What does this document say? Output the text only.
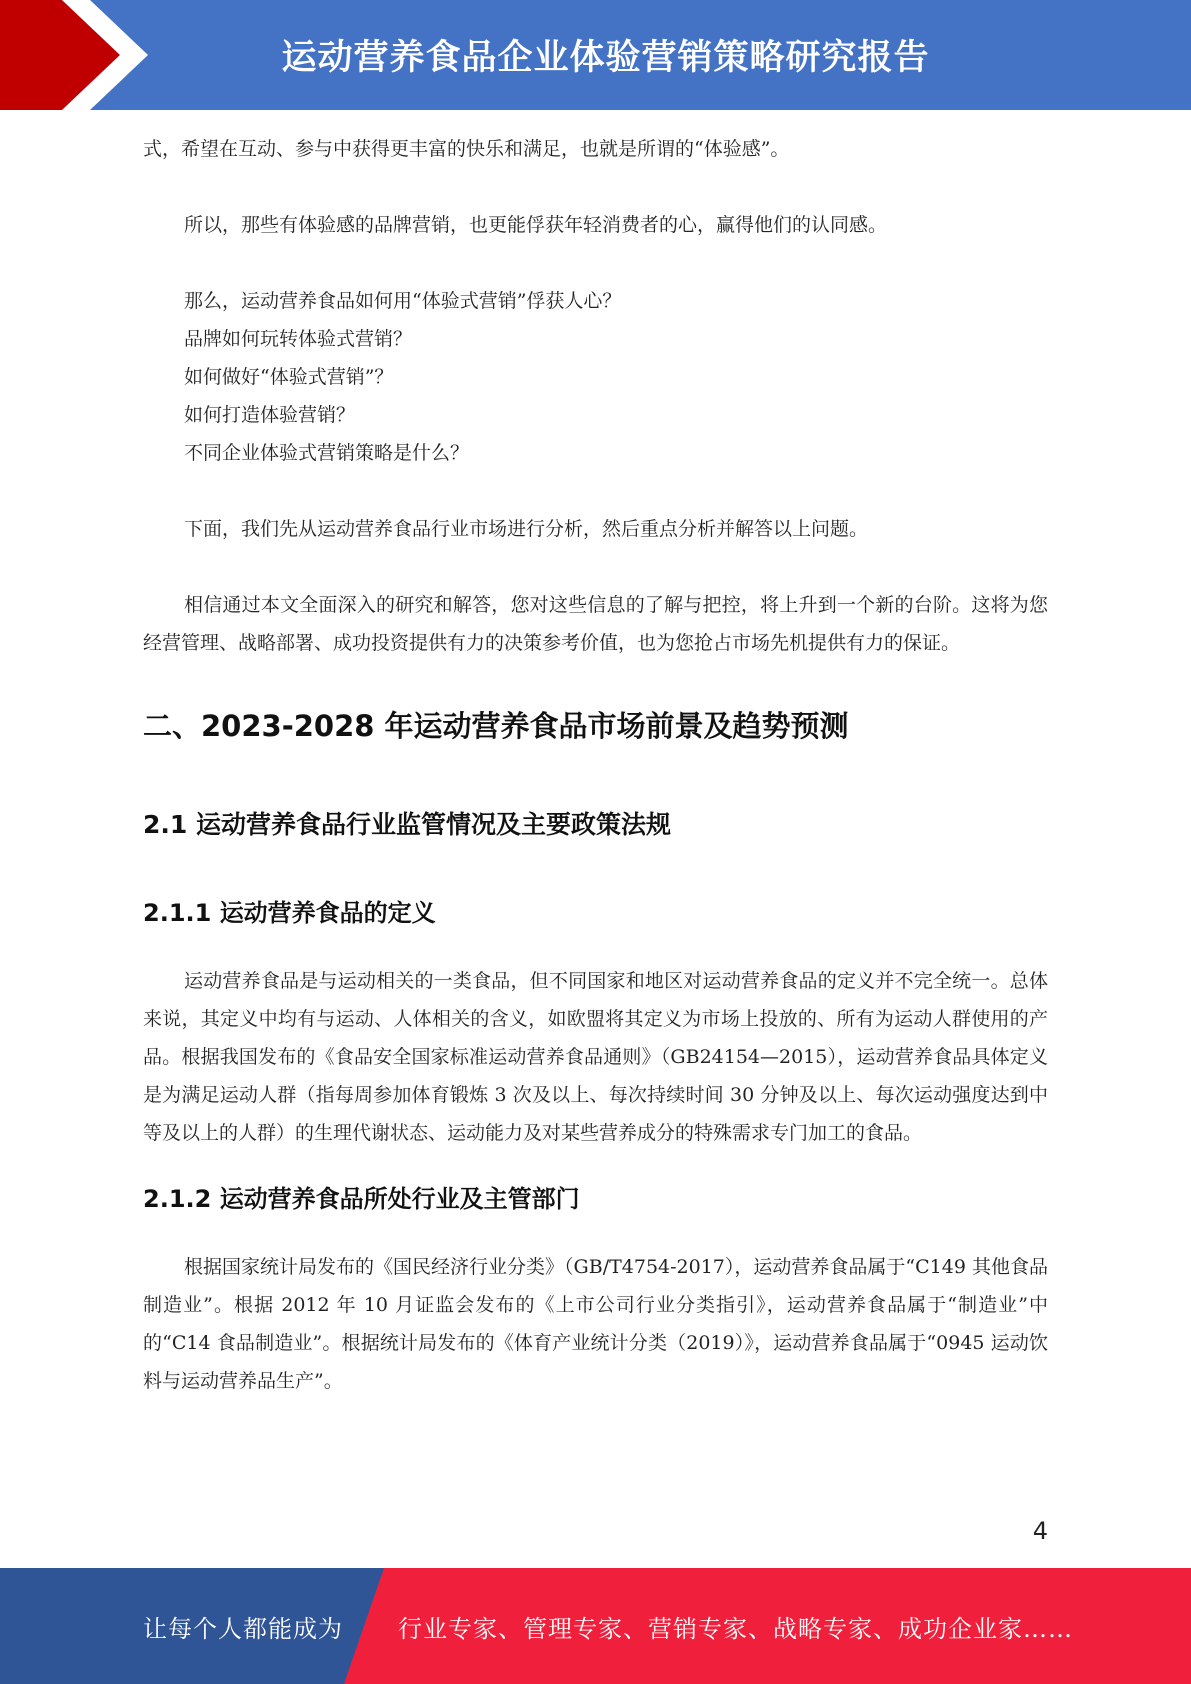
运动营养食品企业体验营销策略研究报告

式，希望在互动、参与中获得更丰富的快乐和满足，也就是所谓的“体验感”。

所以，那些有体验感的品牌营销，也更能俘获年轻消费者的心，赢得他们的认同感。

那么，运动营养食品如何用“体验式营销”俘获人心？

品牌如何玩转体验式营销？

如何做好“体验式营销”？

如何打造体验营销？

不同企业体验式营销策略是什么？

下面，我们先从运动营养食品行业市场进行分析，然后重点分析并解答以上问题。

相信通过本文全面深入的研究和解答，您对这些信息的了解与把控，将上升到一个新的台阶。这将为您经营管理、战略部署、成功投资提供有力的决策参考价值，也为您抢占市场先机提供有力的保证。

二、2023-2028 年运动营养食品市场前景及趋势预测
2.1 运动营养食品行业监管情况及主要政策法规
2.1.1 运动营养食品的定义

运动营养食品是与运动相关的一类食品，但不同国家和地区对运动营养食品的定义并不完全统一。总体来说，其定义中均有与运动、人体相关的含义，如欧盟将其定义为市场上投放的、所有为运动人群使用的产品。根据我国发布的《食品安全国家标准运动营养食品通则》（GB24154—2015），运动营养食品具体定义是为满足运动人群（指每周参加体育锻炼 3 次及以上、每次持续时间 30 分钟及以上、每次运动强度达到中等及以上的人群）的生理代谢状态、运动能力及对某些营养成分的特殊需求专门加工的食品。

2.1.2 运动营养食品所处行业及主管部门

根据国家统计局发布的《国民经济行业分类》（GB/T4754-2017），运动营养食品属于“C149 其他食品制造业”。根据 2012 年 10 月证监会发布的《上市公司行业分类指引》，运动营养食品属于“制造业”中的“C14 食品制造业”。根据统计局发布的《体育产业统计分类（2019）》，运动营养食品属于“0945 运动饮料与运动营养品生产”。

4
让每个人都能成为 行业专家、管理专家、营销专家、战略专家、成功企业家……
